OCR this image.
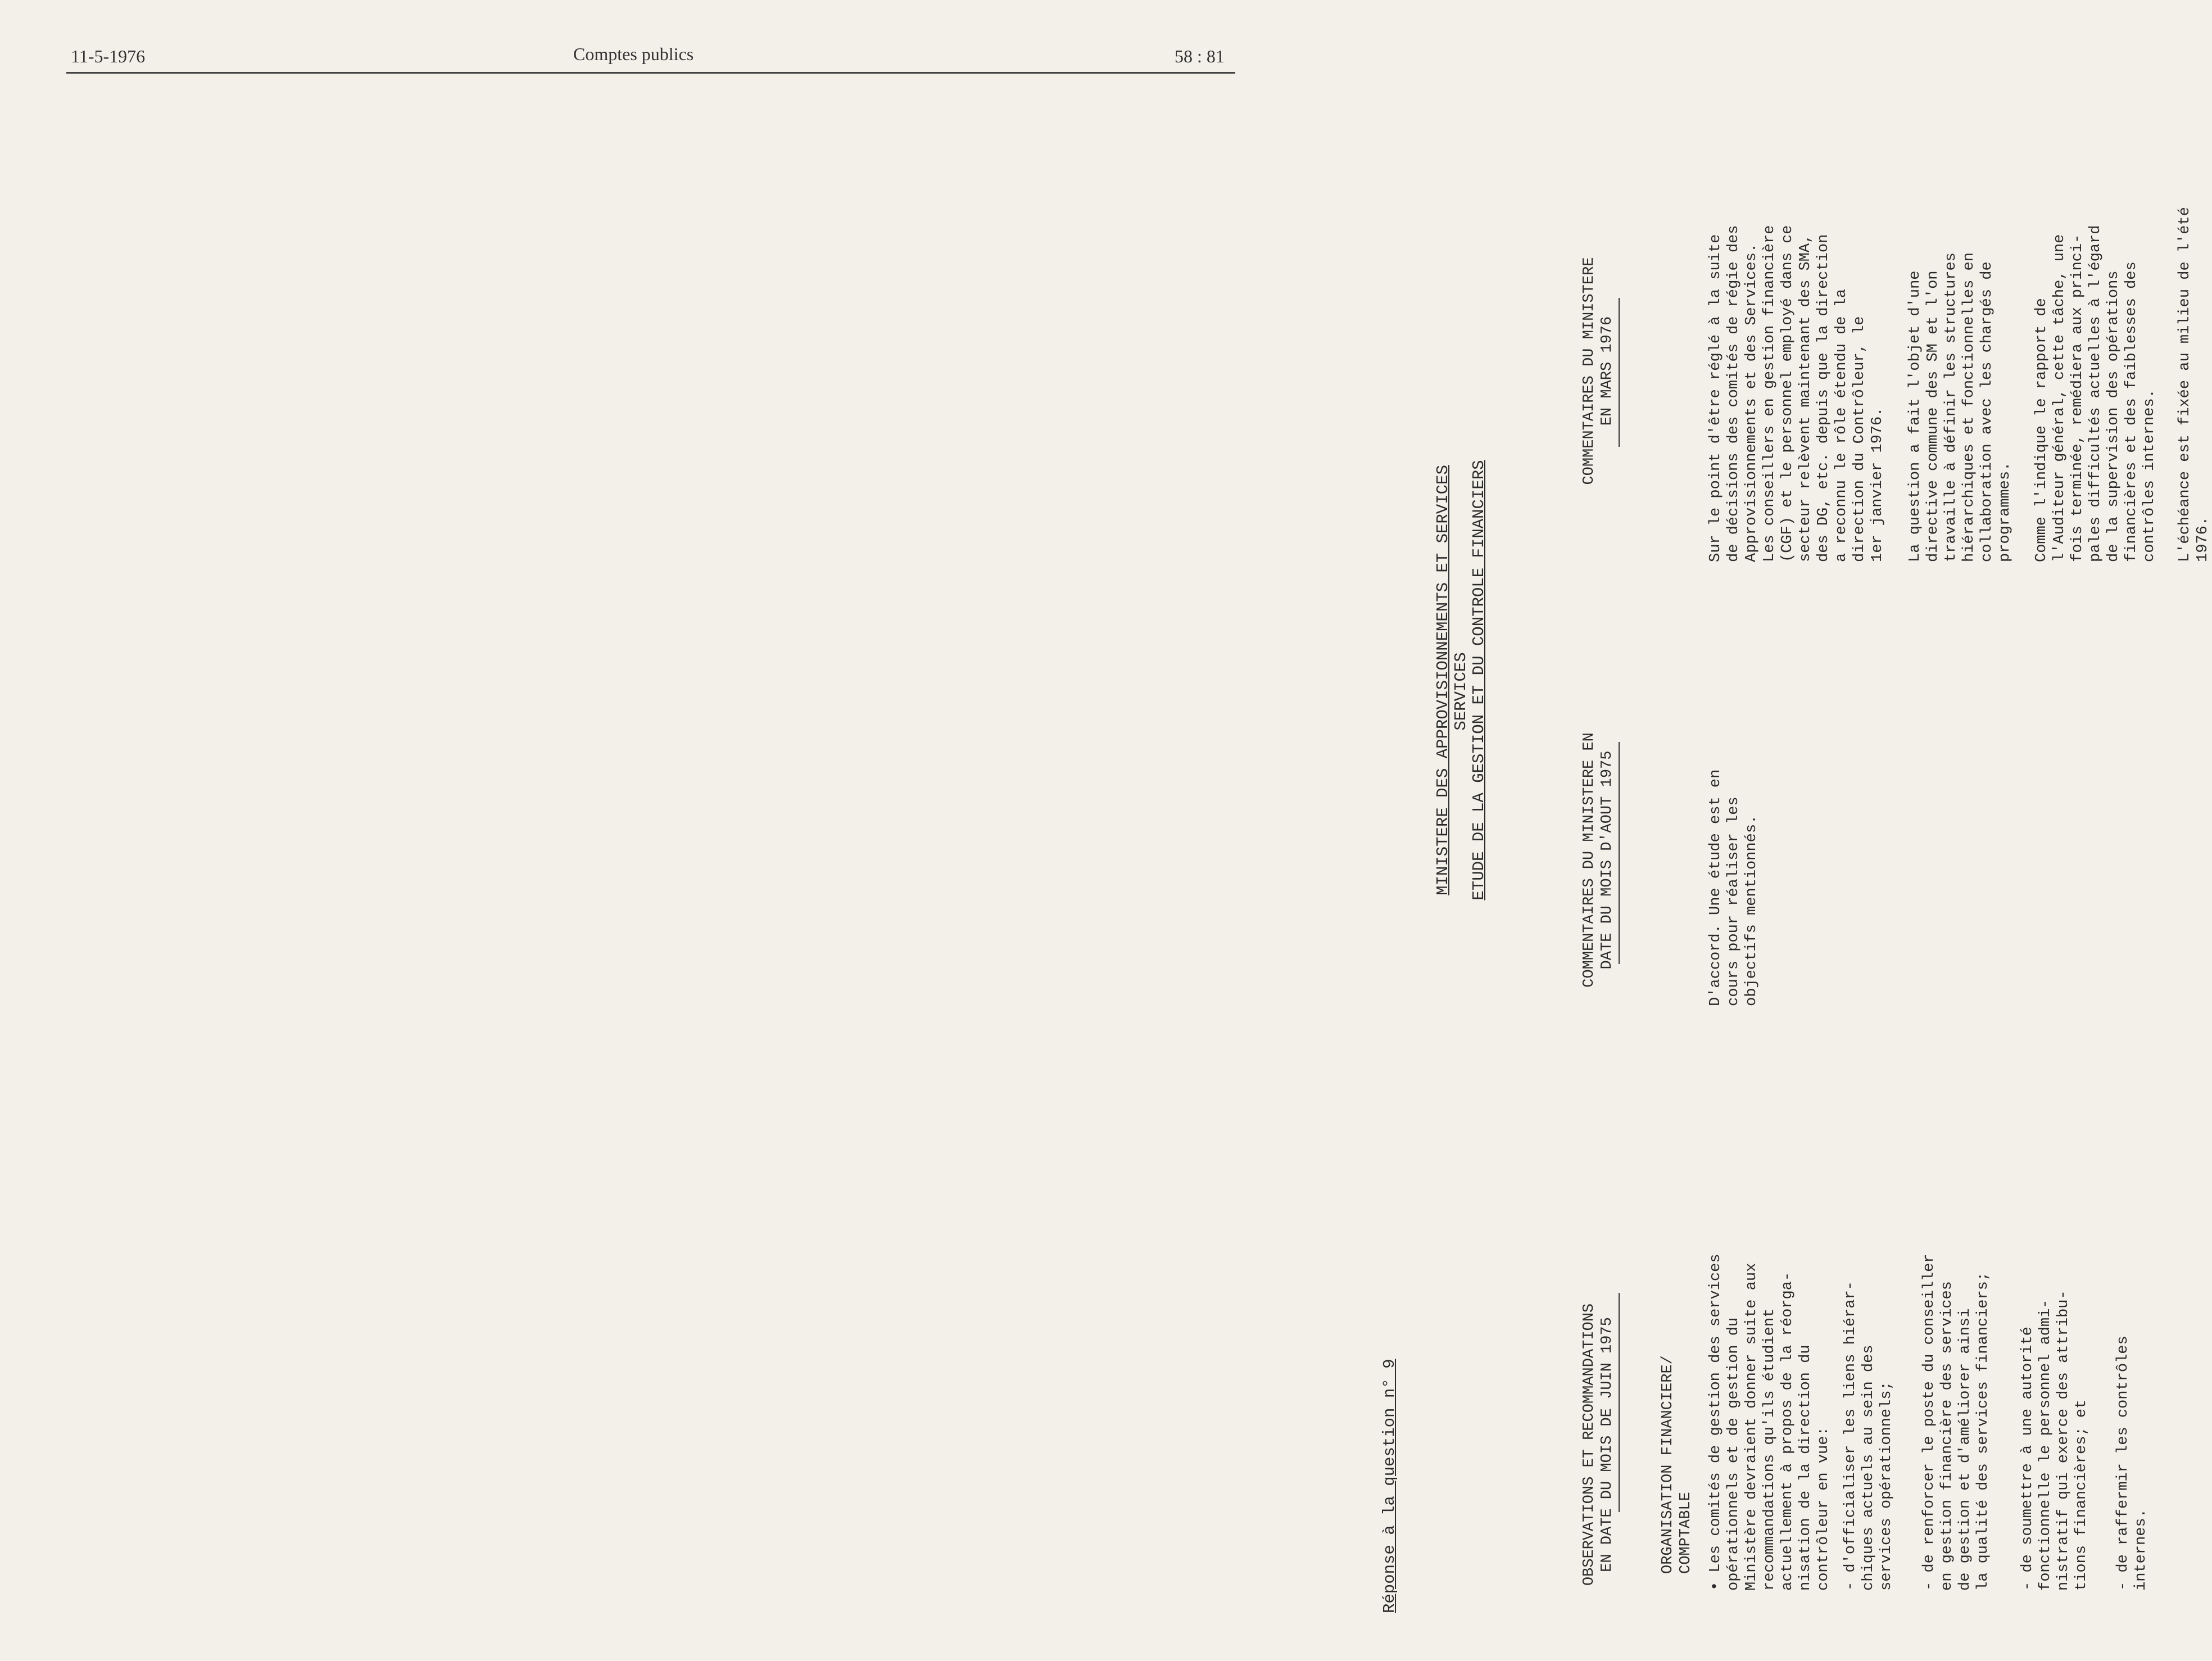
11-5-1976	Comptes publics	58 : 81
Réponse à la question n° 9
MINISTERE DES APPROVISIONNEMENTS ET SERVICES SERVICES ETUDE DE LA GESTION ET DU CONTROLE FINANCIERS

OBSERVATIONS ET RECOMMANDATIONS
EN DATE DU MOIS DE JUIN 1975

COMMENTAIRES DU MINISTERE EN
DATE DU MOIS D'AOUT 1975

COMMENTAIRES DU MINISTERE
EN MARS 1976

ORGANISATION FINANCIERE/
COMPTABLE

• Les comités de gestion des services
opérationnels et de gestion du
Ministère devraient donner suite aux
recommandations qu'ils étudient
actuellement à propos de la réorga-
nisation de la direction du
contrôleur en vue:

- d'officialiser les liens hiérar-
chiques actuels au sein des
services opérationnels;

- de renforcer le poste du conseiller
en gestion financière des services
de gestion et d'améliorer ainsi
la qualité des services financiers;

- de soumettre à une autorité
fonctionnelle le personnel admi-
nistratif qui exerce des attribu-
tions financières; et

- de raffermir les contrôles
internes.

D'accord. Une étude est en
cours pour réaliser les
objectifs mentionnés.

Sur le point d'être réglé à la suite
de décisions des comités de régie des
Approvisionnements et des Services.
Les conseillers en gestion financière
(CGF) et le personnel employé dans ce
secteur relèvent maintenant des SMA,
des DG, etc. depuis que la direction
a reconnu le rôle étendu de la
direction du Contrôleur, le
1er janvier 1976.

La question a fait l'objet d'une
directive commune des SM et l'on
travaille à définir les structures
hiérarchiques et fonctionnelles en
collaboration avec les chargés de
programmes. Comme l'indique le rapport de
l'Auditeur général, cette tâche, une
fois terminée, remédiera aux princi-
pales difficultés actuelles à l'égard
de la supervision des opérations
financières et des faiblesses des
contrôles internes.

L'échéance est fixée au milieu de l'été
1976.
